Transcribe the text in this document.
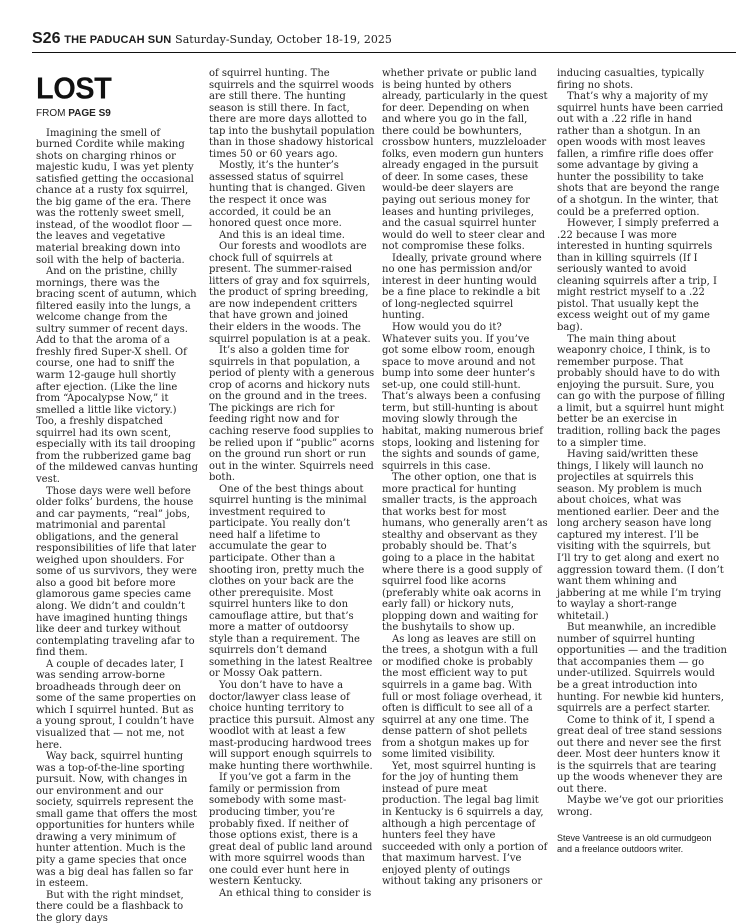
S26 THE PADUCAH SUN Saturday-Sunday, October 18-19, 2025
LOST
FROM PAGE S9

Imagining the smell of burned Cordite while making shots on charging rhinos or majestic kudu, I was yet plenty satisfied getting the occasional chance at a rusty fox squirrel, the big game of the era. There was the rottenly sweet smell, instead, of the woodlot floor — the leaves and vegetative material breaking down into soil with the help of bacteria.

And on the pristine, chilly mornings, there was the bracing scent of autumn, which filtered easily into the lungs, a welcome change from the sultry summer of recent days. Add to that the aroma of a freshly fired Super-X shell. Of course, one had to sniff the warm 12-gauge hull shortly after ejection. (Like the line from “Apocalypse Now,” it smelled a little like victory.) Too, a freshly dispatched squirrel had its own scent, especially with its tail drooping from the rubberized game bag of the mildewed canvas hunting vest.

Those days were well before older folks’ burdens, the house and car payments, “real” jobs, matrimonial and parental obligations, and the general responsibilities of life that later weighed upon shoulders. For some of us survivors, they were also a good bit before more glamorous game species came along. We didn’t and couldn’t have imagined hunting things like deer and turkey without contemplating traveling afar to find them.

A couple of decades later, I was sending arrow-borne broadheads through deer on some of the same properties on which I squirrel hunted. But as a young sprout, I couldn’t have visualized that — not me, not here.

Way back, squirrel hunting was a top-of-the-line sporting pursuit. Now, with changes in our environment and our society, squirrels represent the small game that offers the most opportunities for hunters while drawing a very minimum of hunter attention. Much is the pity a game species that once was a big deal has fallen so far in esteem.

But with the right mindset, there could be a flashback to the glory days

of squirrel hunting. The squirrels and the squirrel woods are still there. The hunting season is still there. In fact, there are more days allotted to tap into the bushytail population than in those shadowy historical times 50 or 60 years ago.

Mostly, it’s the hunter’s assessed status of squirrel hunting that is changed. Given the respect it once was accorded, it could be an honored quest once more.

And this is an ideal time.

Our forests and woodlots are chock full of squirrels at present. The summer-raised litters of gray and fox squirrels, the product of spring breeding, are now independent critters that have grown and joined their elders in the woods. The squirrel population is at a peak.

It’s also a golden time for squirrels in that population, a period of plenty with a generous crop of acorns and hickory nuts on the ground and in the trees. The pickings are rich for feeding right now and for caching reserve food supplies to be relied upon if “public” acorns on the ground run short or run out in the winter. Squirrels need both.

One of the best things about squirrel hunting is the minimal investment required to participate. You really don’t need half a lifetime to accumulate the gear to participate. Other than a shooting iron, pretty much the clothes on your back are the other prerequisite. Most squirrel hunters like to don camouflage attire, but that’s more a matter of outdoorsy style than a requirement. The squirrels don’t demand something in the latest Realtree or Mossy Oak pattern.

You don’t have to have a doctor/lawyer class lease of choice hunting territory to practice this pursuit. Almost any woodlot with at least a few mast-producing hardwood trees will support enough squirrels to make hunting there worthwhile.

If you’ve got a farm in the family or permission from somebody with some mast-producing timber, you’re probably fixed. If neither of those options exist, there is a great deal of public land around with more squirrel woods than one could ever hunt here in western Kentucky.

An ethical thing to consider is

whether private or public land is being hunted by others already, particularly in the quest for deer. Depending on when and where you go in the fall, there could be bowhunters, crossbow hunters, muzzleloader folks, even modern gun hunters already engaged in the pursuit of deer. In some cases, these would-be deer slayers are paying out serious money for leases and hunting privileges, and the casual squirrel hunter would do well to steer clear and not compromise these folks.

Ideally, private ground where no one has permission and/or interest in deer hunting would be a fine place to rekindle a bit of long-neglected squirrel hunting.

How would you do it? Whatever suits you. If you’ve got some elbow room, enough space to move around and not bump into some deer hunter’s set-up, one could still-hunt. That’s always been a confusing term, but still-hunting is about moving slowly through the habitat, making numerous brief stops, looking and listening for the sights and sounds of game, squirrels in this case.

The other option, one that is more practical for hunting smaller tracts, is the approach that works best for most humans, who generally aren’t as stealthy and observant as they probably should be. That’s going to a place in the habitat where there is a good supply of squirrel food like acorns (preferably white oak acorns in early fall) or hickory nuts, plopping down and waiting for the bushytails to show up.

As long as leaves are still on the trees, a shotgun with a full or modified choke is probably the most efficient way to put squirrels in a game bag. With full or most foliage overhead, it often is difficult to see all of a squirrel at any one time. The dense pattern of shot pellets from a shotgun makes up for some limited visibility.

Yet, most squirrel hunting is for the joy of hunting them instead of pure meat production. The legal bag limit in Kentucky is 6 squirrels a day, although a high percentage of hunters feel they have succeeded with only a portion of that maximum harvest. I’ve enjoyed plenty of outings without taking any prisoners or

inducing casualties, typically firing no shots.

That’s why a majority of my squirrel hunts have been carried out with a .22 rifle in hand rather than a shotgun. In an open woods with most leaves fallen, a rimfire rifle does offer some advantage by giving a hunter the possibility to take shots that are beyond the range of a shotgun. In the winter, that could be a preferred option.

However, I simply preferred a .22 because I was more interested in hunting squirrels than in killing squirrels (If I seriously wanted to avoid cleaning squirrels after a trip, I might restrict myself to a .22 pistol. That usually kept the excess weight out of my game bag).

The main thing about weaponry choice, I think, is to remember purpose. That probably should have to do with enjoying the pursuit. Sure, you can go with the purpose of filling a limit, but a squirrel hunt might better be an exercise in tradition, rolling back the pages to a simpler time.

Having said/written these things, I likely will launch no projectiles at squirrels this season. My problem is much about choices, what was mentioned earlier. Deer and the long archery season have long captured my interest. I’ll be visiting with the squirrels, but I’ll try to get along and exert no aggression toward them. (I don’t want them whining and jabbering at me while I’m trying to waylay a short-range whitetail.)

But meanwhile, an incredible number of squirrel hunting opportunities — and the tradition that accompanies them — go under-utilized. Squirrels would be a great introduction into hunting. For newbie kid hunters, squirrels are a perfect starter.

Come to think of it, I spend a great deal of tree stand sessions out there and never see the first deer. Most deer hunters know it is the squirrels that are tearing up the woods whenever they are out there.

Maybe we’ve got our priorities wrong.

Steve Vantreese is an old curmudgeon and a freelance outdoors writer.
